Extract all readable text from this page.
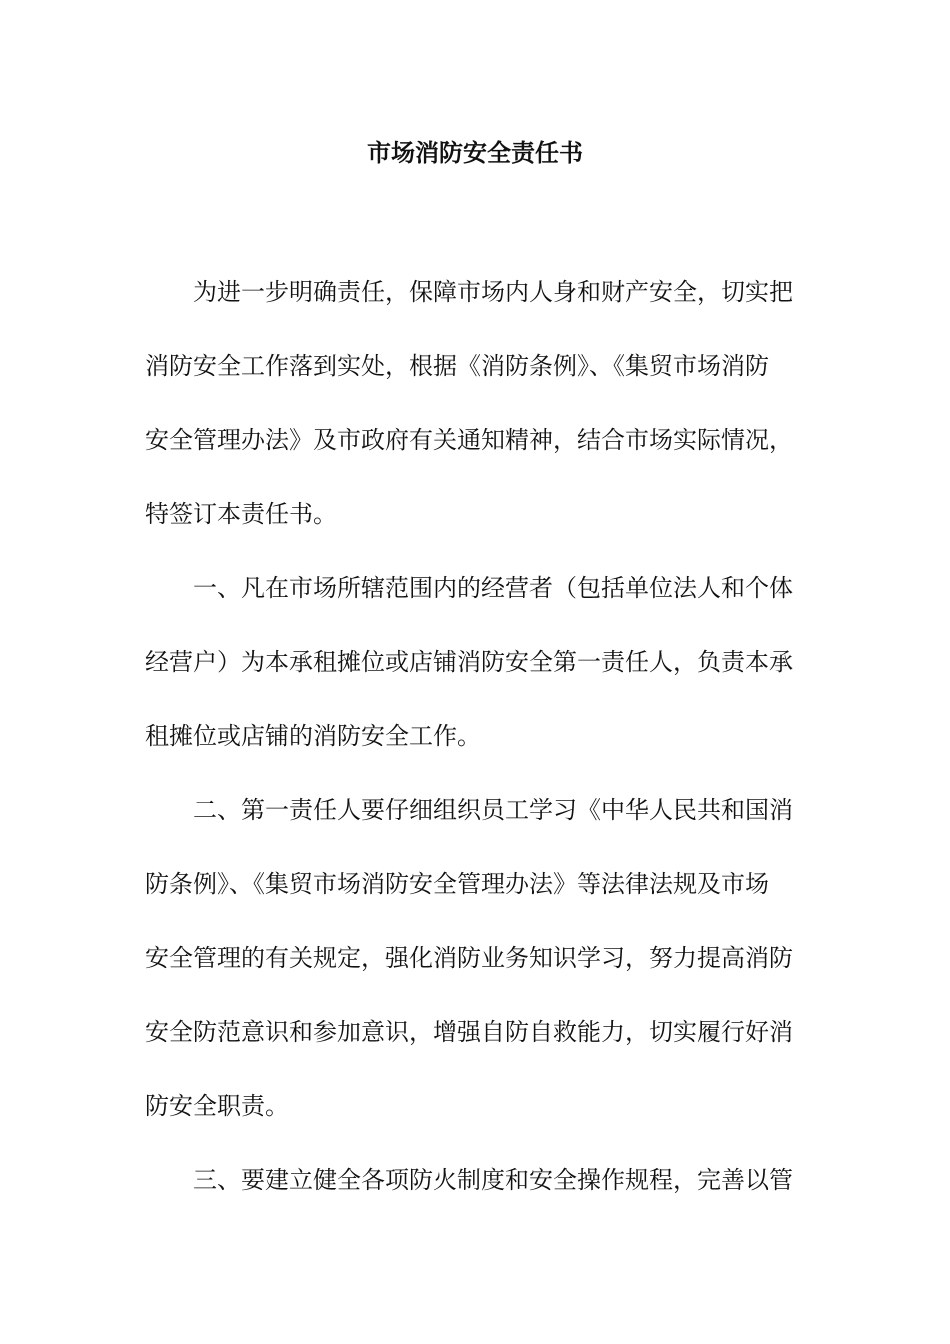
市场消防安全责任书
为进一步明确责任，保障市场内人身和财产安全，切实把
消防安全工作落到实处，根据《消防条例》、《集贸市场消防
安全管理办法》及市政府有关通知精神，结合市场实际情况，
特签订本责任书。
一、凡在市场所辖范围内的经营者（包括单位法人和个体
经营户）为本承租摊位或店铺消防安全第一责任人，负责本承
租摊位或店铺的消防安全工作。
二、第一责任人要仔细组织员工学习《中华人民共和国消
防条例》、《集贸市场消防安全管理办法》等法律法规及市场
安全管理的有关规定，强化消防业务知识学习，努力提高消防
安全防范意识和参加意识，增强自防自救能力，切实履行好消
防安全职责。
三、要建立健全各项防火制度和安全操作规程，完善以管
